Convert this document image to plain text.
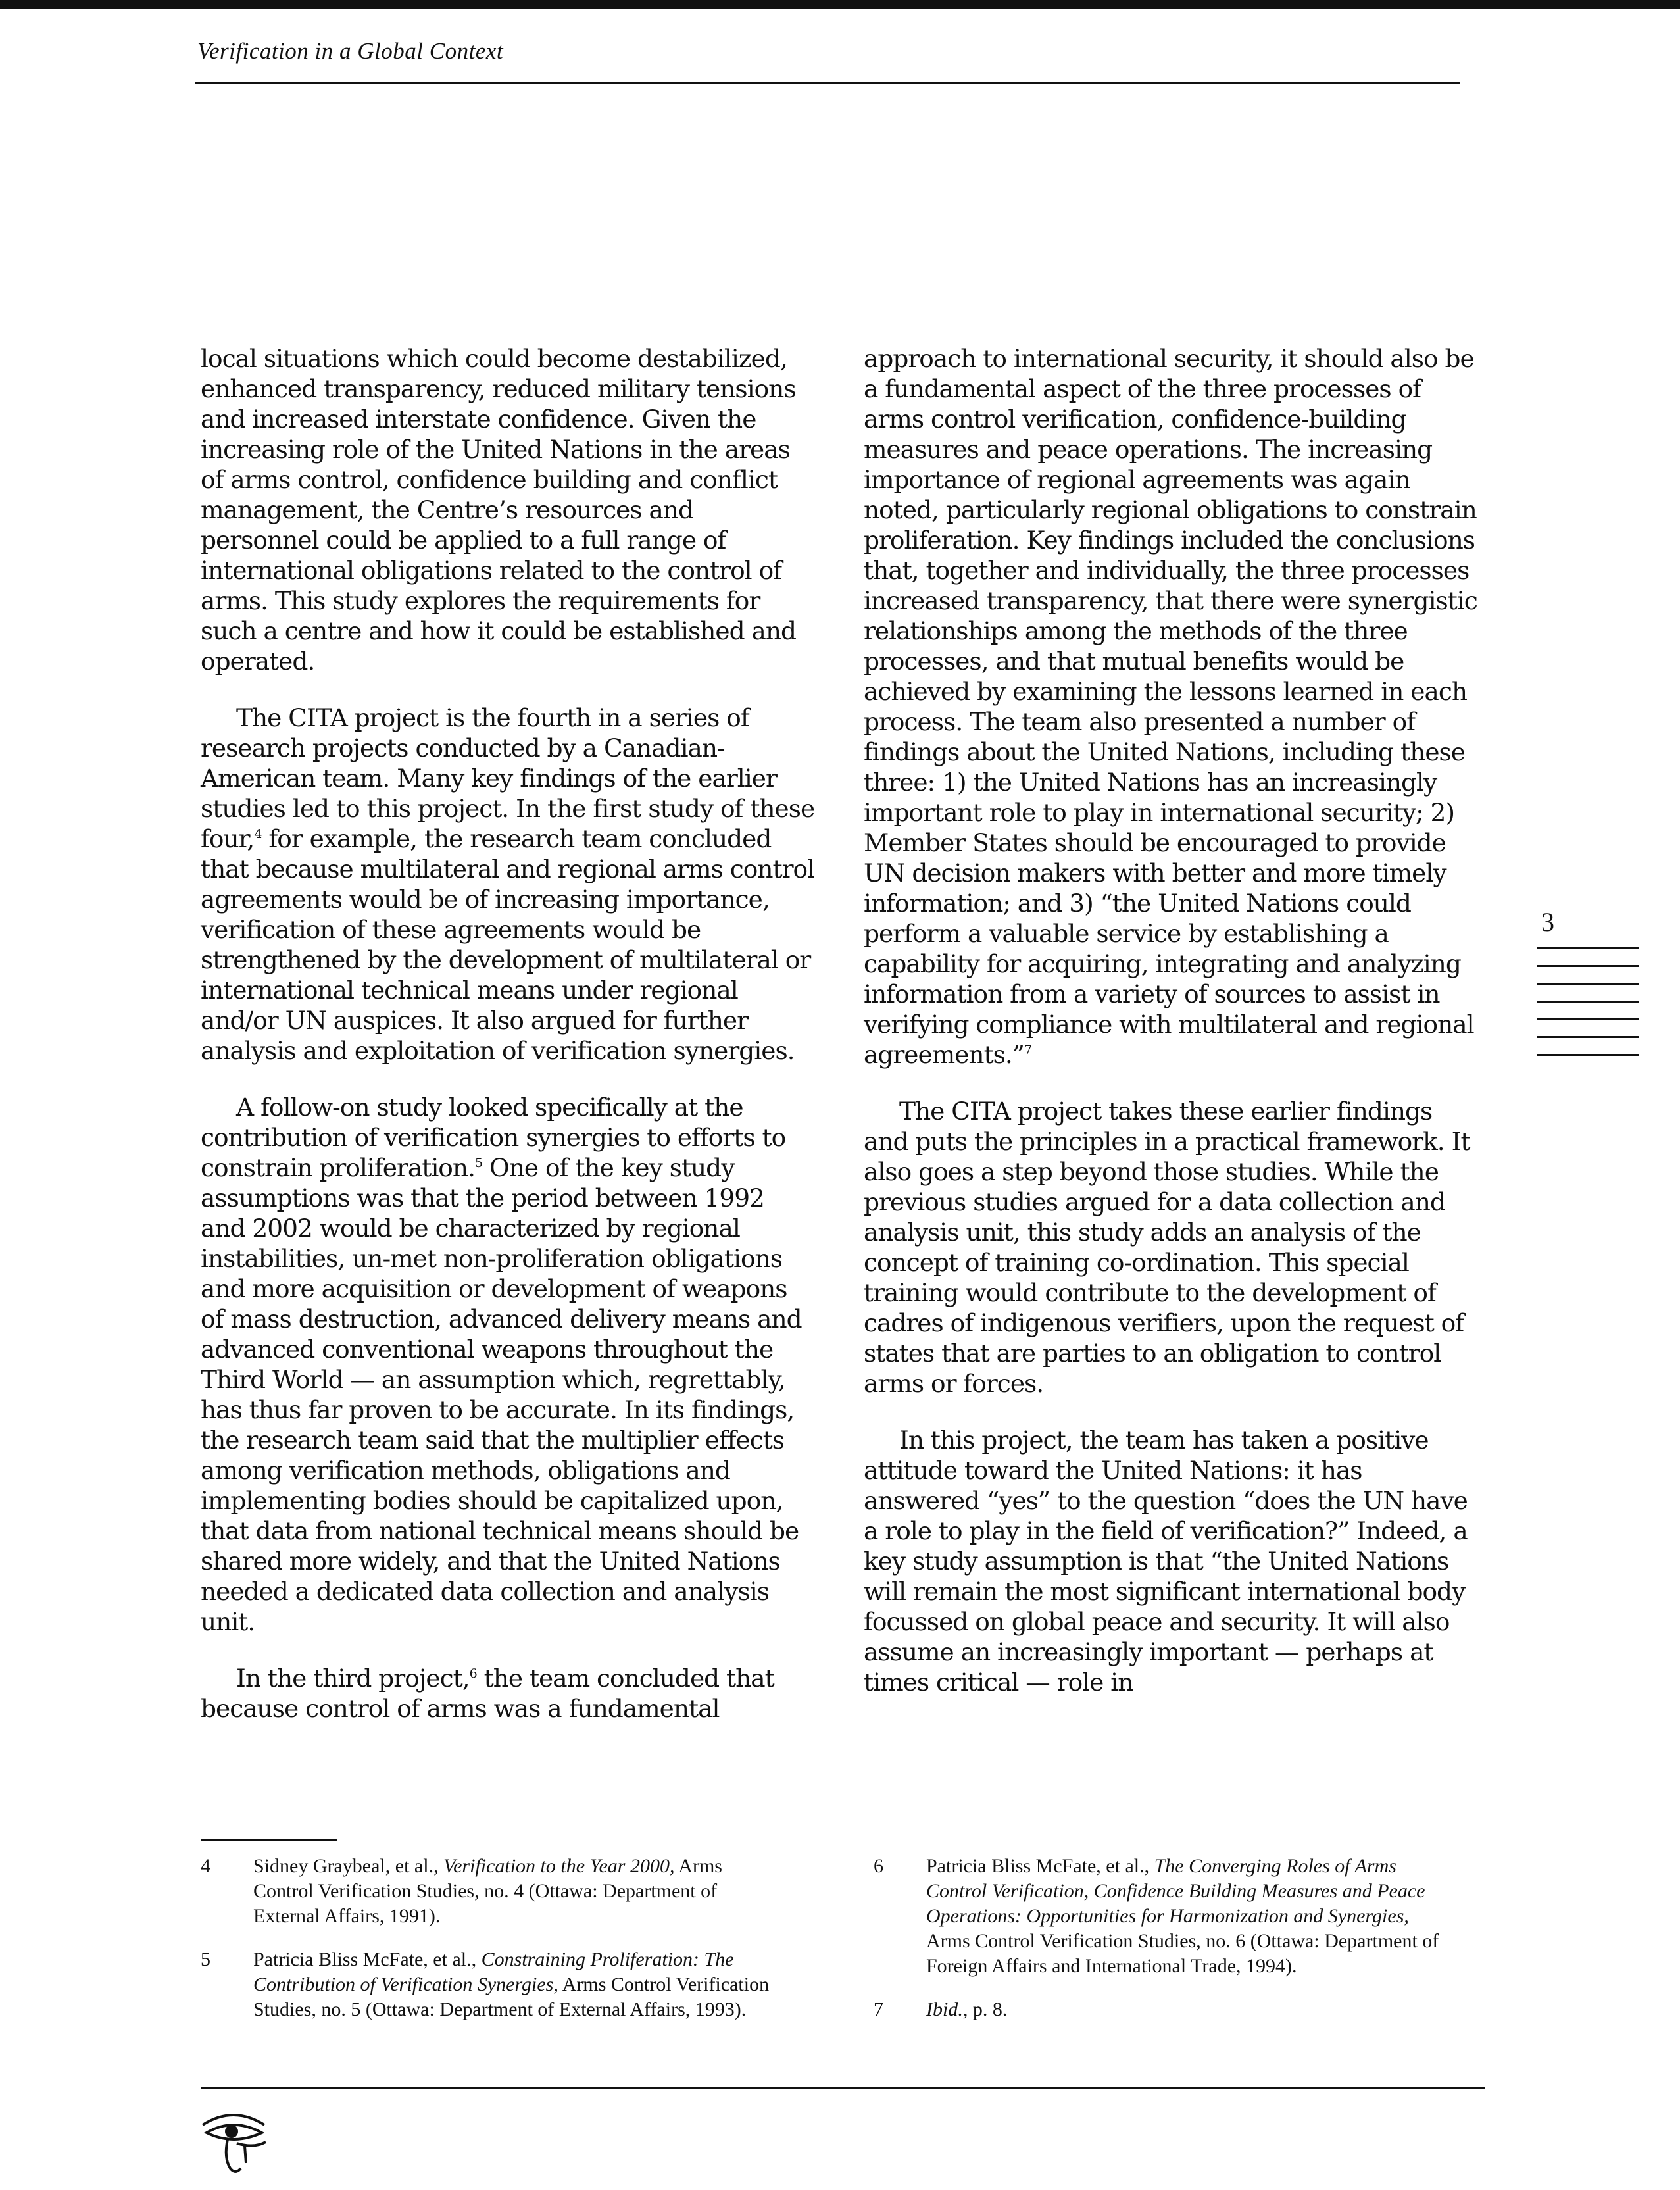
Verification in a Global Context

local situations which could become destabilized, enhanced transparency, reduced military tensions and increased interstate confidence. Given the increasing role of the United Nations in the areas of arms control, confidence building and conflict management, the Centre’s resources and personnel could be applied to a full range of international obligations related to the control of arms. This study explores the requirements for such a centre and how it could be established and operated.

The CITA project is the fourth in a series of research projects conducted by a Canadian-American team. Many key findings of the earlier studies led to this project. In the first study of these four,$^4$ for example, the research team concluded that because multilateral and regional arms control agreements would be of increasing importance, verification of these agreements would be strengthened by the development of multilateral or international technical means under regional and/or UN auspices. It also argued for further analysis and exploitation of verification synergies.

A follow-on study looked specifically at the contribution of verification synergies to efforts to constrain proliferation.$^5$ One of the key study assumptions was that the period between 1992 and 2002 would be characterized by regional instabilities, un-met non-proliferation obligations and more acquisition or development of weapons of mass destruction, advanced delivery means and advanced conventional weapons throughout the Third World — an assumption which, regrettably, has thus far proven to be accurate. In its findings, the research team said that the multiplier effects among verification methods, obligations and implementing bodies should be capitalized upon, that data from national technical means should be shared more widely, and that the United Nations needed a dedicated data collection and analysis unit.

In the third project,$^6$ the team concluded that because control of arms was a fundamental

approach to international security, it should also be a fundamental aspect of the three processes of arms control verification, confidence-building measures and peace operations. The increasing importance of regional agreements was again noted, particularly regional obligations to constrain proliferation. Key findings included the conclusions that, together and individually, the three processes increased transparency, that there were synergistic relationships among the methods of the three processes, and that mutual benefits would be achieved by examining the lessons learned in each process. The team also presented a number of findings about the United Nations, including these three: 1) the United Nations has an increasingly important role to play in international security; 2) Member States should be encouraged to provide UN decision makers with better and more timely information; and 3) “the United Nations could perform a valuable service by establishing a capability for acquiring, integrating and analyzing information from a variety of sources to assist in verifying compliance with multilateral and regional agreements.”$^7$

The CITA project takes these earlier findings and puts the principles in a practical framework. It also goes a step beyond those studies. While the previous studies argued for a data collection and analysis unit, this study adds an analysis of the concept of training co-ordination. This special training would contribute to the development of cadres of indigenous verifiers, upon the request of states that are parties to an obligation to control arms or forces.

In this project, the team has taken a positive attitude toward the United Nations: it has answered “yes” to the question “does the UN have a role to play in the field of verification?” Indeed, a key study assumption is that “the United Nations will remain the most significant international body focussed on global peace and security. It will also assume an increasingly important — perhaps at times critical — role in

3
4	Sidney Graybeal, et al., Verification to the Year 2000, Arms Control Verification Studies, no. 4 (Ottawa: Department of External Affairs, 1991).
5	Patricia Bliss McFate, et al., Constraining Proliferation: The Contribution of Verification Synergies, Arms Control Verification Studies, no. 5 (Ottawa: Department of External Affairs, 1993).
6	Patricia Bliss McFate, et al., The Converging Roles of Arms Control Verification, Confidence Building Measures and Peace Operations: Opportunities for Harmonization and Synergies, Arms Control Verification Studies, no. 6 (Ottawa: Department of Foreign Affairs and International Trade, 1994).
7	Ibid., p. 8.
